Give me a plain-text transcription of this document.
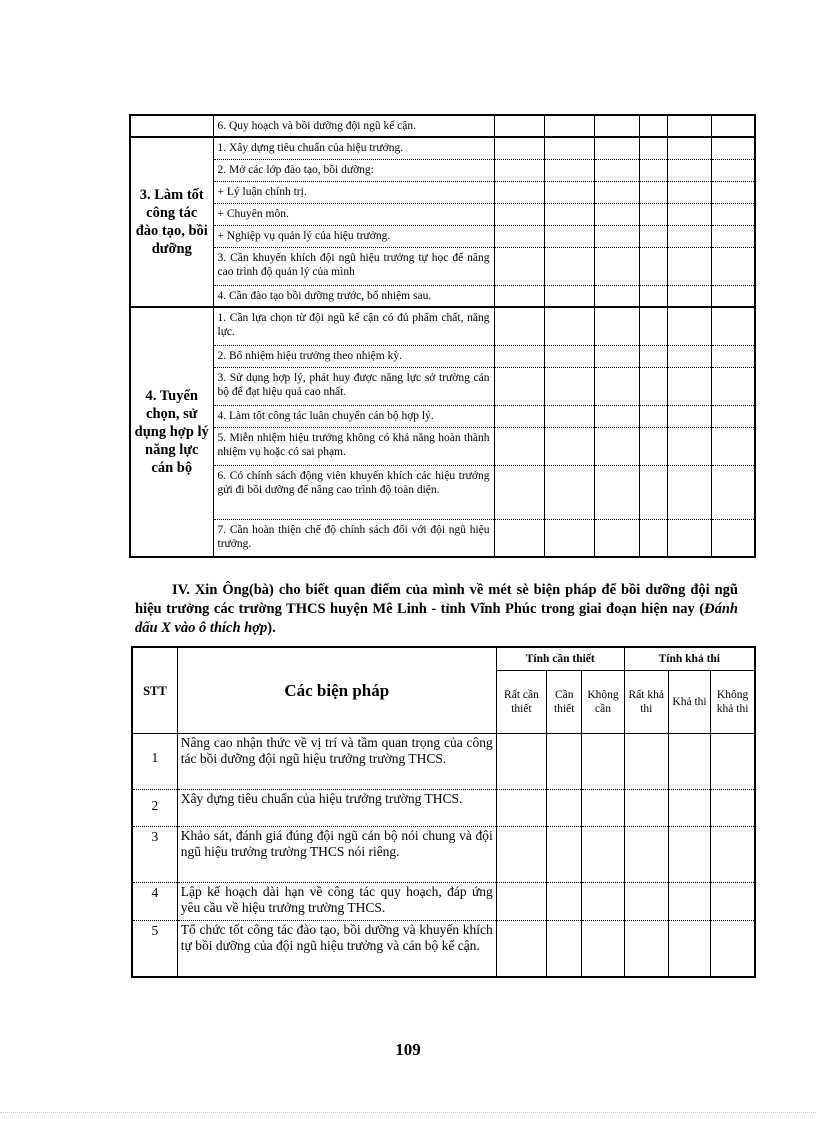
	6. Quy hoạch và bồi dưỡng đội ngũ kế cận.						
3. Làm tốt công tác đào tạo, bồi dưỡng	1. Xây dựng tiêu chuẩn của hiệu trưởng.						
	2. Mở các lớp đào tạo, bồi dưỡng:						
	+ Lý luận chính trị.						
	+ Chuyên môn.						
	+ Nghiệp vụ quản lý của hiệu trưởng.						
	3. Cần khuyến khích đội ngũ hiệu trưởng tự học để nâng cao trình độ quản lý của mình						
	4. Cần đào tạo bồi dưỡng trước, bổ nhiệm sau.						
4. Tuyển chọn, sử dụng hợp lý năng lực cán bộ	1. Cần lựa chọn từ đội ngũ kế cận có đủ phẩm chất, năng lực.						
	2. Bổ nhiệm hiệu trưởng theo nhiệm kỳ.						
	3. Sử dụng hợp lý, phát huy được năng lực sở trường cán bộ để đạt hiệu quả cao nhất.						
	4. Làm tốt công tác luân chuyển cán bộ hợp lý.						
	5. Miễn nhiệm hiệu trưởng không có khả năng hoàn thành nhiệm vụ hoặc có sai phạm.						
	6. Có chính sách động viên khuyến khích các hiệu trưởng gửi đi bồi dưỡng để nâng cao trình độ toàn diện.						
	7. Cần hoàn thiện chế độ chính sách đối với đội ngũ hiệu trưởng.						
IV. Xin Ông(bà) cho biết quan điểm của mình về mét sè biện pháp để bồi dưỡng đội ngũ hiệu trưởng các trường THCS huyện Mê Linh - tỉnh Vĩnh Phúc trong giai đoạn hiện nay (Đánh dấu X vào ô thích hợp).
STT	Các biện pháp	Tính cần thiết			Tính khả thi		
		Rất cần thiết	Cần thiết	Không cần	Rất khả thi	Khả thi	Không khả thi
1	Nâng cao nhận thức về vị trí và tầm quan trọng của công tác bồi dưỡng đội ngũ hiệu trưởng trường THCS.						
2	Xây dựng tiêu chuẩn của hiệu trưởng trường THCS.						
3	Khảo sát, đánh giá đúng đội ngũ cán bộ nói chung và đội ngũ hiệu trưởng trường THCS nói riêng.						
4	Lập kế hoạch dài hạn về công tác quy hoạch, đáp ứng yêu cầu về hiệu trưởng trường THCS.						
5	Tổ chức tốt công tác đào tạo, bồi dưỡng và khuyến khích tự bồi dưỡng của đội ngũ hiệu trưởng và cán bộ kế cận.						
109
